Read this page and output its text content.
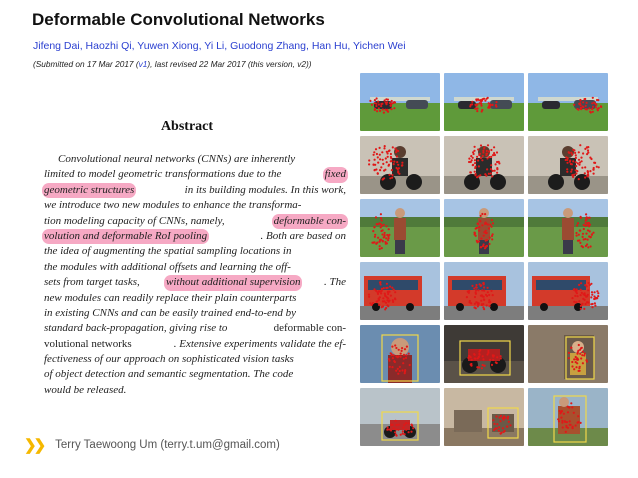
Deformable Convolutional Networks
Jifeng Dai, Haozhi Qi, Yuwen Xiong, Yi Li, Guodong Zhang, Han Hu, Yichen Wei
(Submitted on 17 Mar 2017 (v1), last revised 22 Mar 2017 (this version, v2))
Abstract
Convolutional neural networks (CNNs) are inherently
limited to model geometric transformations due to the	fixed
geometric structures	in its building modules. In this work,
we introduce two new modules to enhance the transforma-
tion modeling capacity of CNNs, namely,	deformable con-
volution and deformable RoI pooling	. Both are based on
the idea of augmenting the spatial sampling locations in
the modules with additional offsets and learning the off-
sets from target tasks, without additional supervision . The
new modules can readily replace their plain counterparts
in existing CNNs and can be easily trained end-to-end by
standard back-propagation, giving rise to	deformable con-
volutional networks	. Extensive experiments validate the ef-
fectiveness of our approach on sophisticated vision tasks
of object detection and semantic segmentation. The code
would be released.
❯❯ Terry Taewoong Um (terry.t.um@gmail.com)
